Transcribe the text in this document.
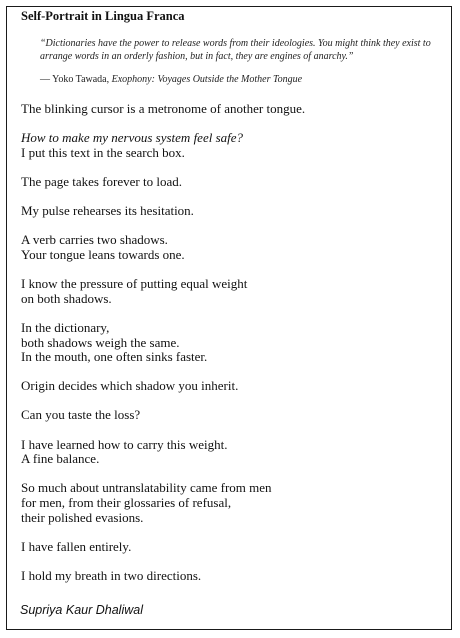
Self-Portrait in Lingua Franca

“Dictionaries have the power to release words from their ideologies. You might think they exist to arrange words in an orderly fashion, but in fact, they are engines of anarchy.”

— Yoko Tawada, Exophony: Voyages Outside the Mother Tongue
The blinking cursor is a metronome of another tongue.
How to make my nervous system feel safe?
I put this text in the search box.
The page takes forever to load.
My pulse rehearses its hesitation.
A verb carries two shadows.
Your tongue leans towards one.
I know the pressure of putting equal weight
on both shadows.
In the dictionary,
both shadows weigh the same.
In the mouth, one often sinks faster.
Origin decides which shadow you inherit.
Can you taste the loss?
I have learned how to carry this weight.
A fine balance.
So much about untranslatability came from men
for men, from their glossaries of refusal,
their polished evasions.
I have fallen entirely.
I hold my breath in two directions.
Supriya Kaur Dhaliwal
